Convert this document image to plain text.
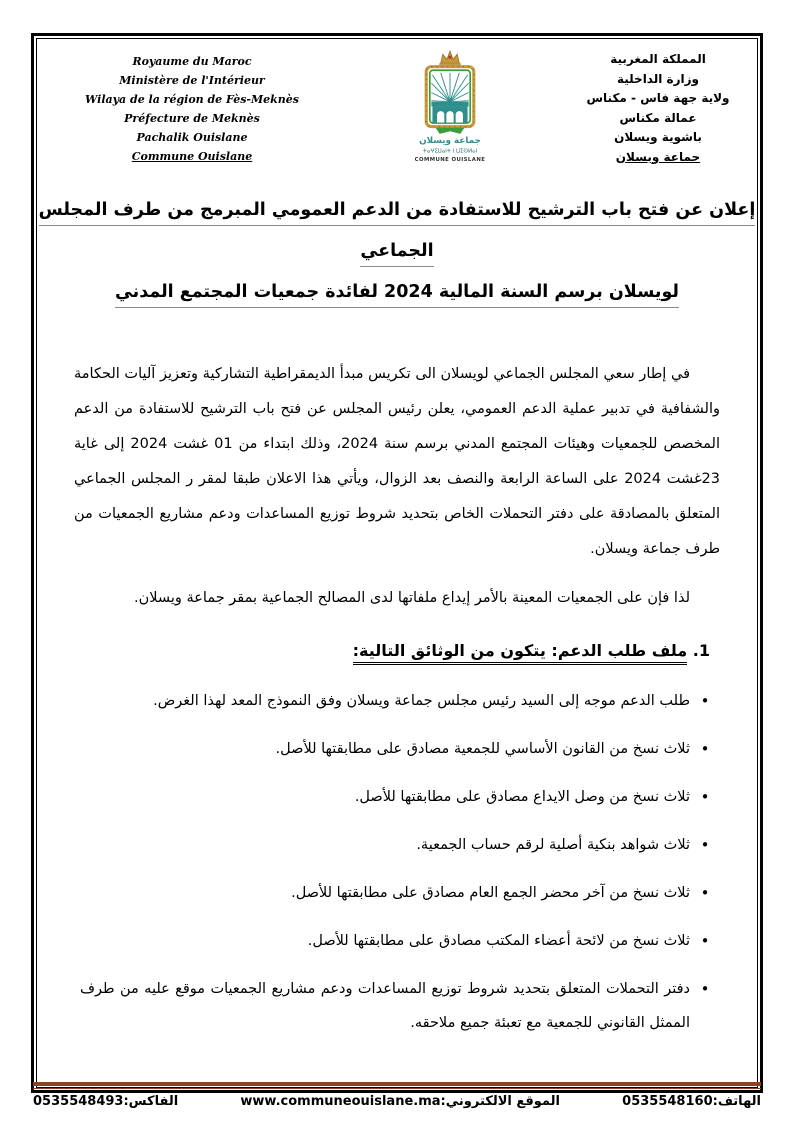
Royaume du Maroc
Ministère de l'Intérieur
Wilaya de la région de Fès-Meknès
Préfecture de Meknès
Pachalik Ouislane
Commune Ouislane
جماعة ويسلان
ⵜⴰⵖⵉⵡⴰⵏⵜ ⵏ ⵡⵉⵙⵍⴰⵏ
COMMUNE OUISLANE
المملكة المغربية
وزارة الداخلية
ولاية جهة فاس - مكناس
عمالة مكناس
باشوية ويسلان
جماعة ويسلان
إعلان عن فتح باب الترشيح للاستفادة من الدعم العمومي المبرمج من طرف المجلس الجماعي
لويسلان برسم السنة المالية 2024 لفائدة جمعيات المجتمع المدني

في إطار سعي المجلس الجماعي لويسلان الى تكريس مبدأ الديمقراطية التشاركية وتعزيز آليات الحكامة والشفافية في تدبير عملية الدعم العمومي، يعلن رئيس المجلس عن فتح باب الترشيح للاستفادة من الدعم المخصص للجمعيات وهيئات المجتمع المدني برسم سنة 2024، وذلك ابتداء من 01 غشت 2024 إلى غاية 23غشت 2024 على الساعة الرابعة والنصف بعد الزوال، ويأتي هذا الاعلان طبقا لمقر ر المجلس الجماعي المتعلق بالمصادقة على دفتر التحملات الخاص بتحديد شروط توزيع المساعدات ودعم مشاريع الجمعيات من طرف جماعة ويسلان.

لذا فإن على الجمعيات المعينة بالأمر إيداع ملفاتها لدى المصالح الجماعية بمقر جماعة ويسلان.

1. ملف طلب الدعم: يتكون من الوثائق التالية:
•
طلب الدعم موجه إلى السيد رئيس مجلس جماعة ويسلان وفق النموذج المعد لهذا الغرض.
•
ثلاث نسخ من القانون الأساسي للجمعية مصادق على مطابقتها للأصل.
•
ثلاث نسخ من وصل الايداع مصادق على مطابقتها للأصل.
•
ثلاث شواهد بنكية أصلية لرقم حساب الجمعية.
•
ثلاث نسخ من آخر محضر الجمع العام مصادق على مطابقتها للأصل.
•
ثلاث نسخ من لائحة أعضاء المكتب مصادق على مطابقتها للأصل.
•
دفتر التحملات المتعلق بتحديد شروط توزيع المساعدات ودعم مشاريع الجمعيات موقع عليه من طرف الممثل القانوني للجمعية مع تعبئة جميع ملاحقه.
الهاتف:0535548160
الموقع الالكتروني:www.communeouislane.ma
الفاكس:0535548493
